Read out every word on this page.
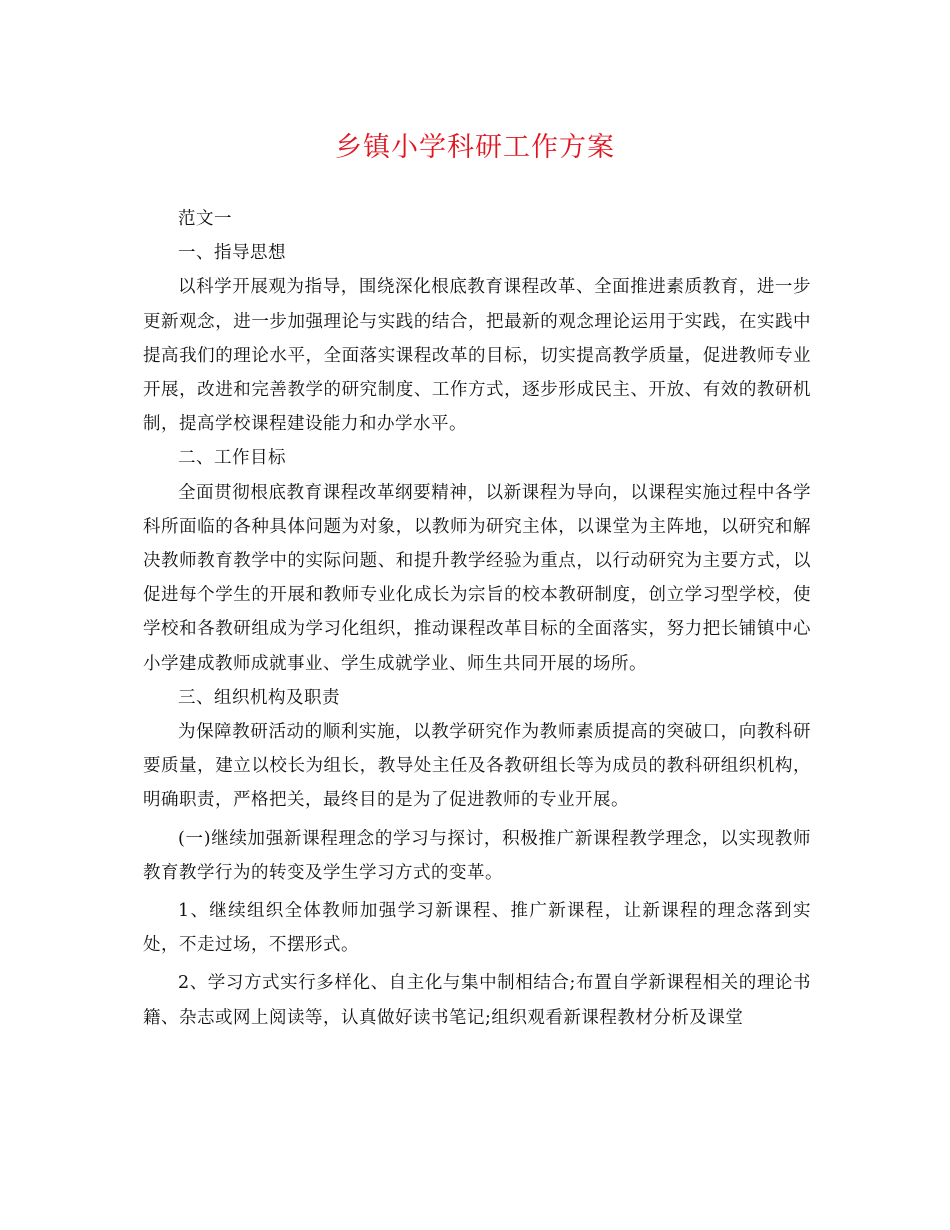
乡镇小学科研工作方案

范文一

一、指导思想

以科学开展观为指导，围绕深化根底教育课程改革、全面推进素质教育，进一步更新观念，进一步加强理论与实践的结合，把最新的观念理论运用于实践，在实践中提高我们的理论水平，全面落实课程改革的目标，切实提高教学质量，促进教师专业开展，改进和完善教学的研究制度、工作方式，逐步形成民主、开放、有效的教研机制，提高学校课程建设能力和办学水平。

二、工作目标

全面贯彻根底教育课程改革纲要精神，以新课程为导向，以课程实施过程中各学科所面临的各种具体问题为对象，以教师为研究主体，以课堂为主阵地，以研究和解决教师教育教学中的实际问题、和提升教学经验为重点，以行动研究为主要方式，以促进每个学生的开展和教师专业化成长为宗旨的校本教研制度，创立学习型学校，使学校和各教研组成为学习化组织，推动课程改革目标的全面落实，努力把长铺镇中心小学建成教师成就事业、学生成就学业、师生共同开展的场所。

三、组织机构及职责

为保障教研活动的顺利实施，以教学研究作为教师素质提高的突破口，向教科研要质量，建立以校长为组长，教导处主任及各教研组长等为成员的教科研组织机构，明确职责，严格把关，最终目的是为了促进教师的专业开展。

(一)继续加强新课程理念的学习与探讨，积极推广新课程教学理念，以实现教师教育教学行为的转变及学生学习方式的变革。

1、继续组织全体教师加强学习新课程、推广新课程，让新课程的理念落到实处，不走过场，不摆形式。

2、学习方式实行多样化、自主化与集中制相结合;布置自学新课程相关的理论书籍、杂志或网上阅读等，认真做好读书笔记;组织观看新课程教材分析及课堂
